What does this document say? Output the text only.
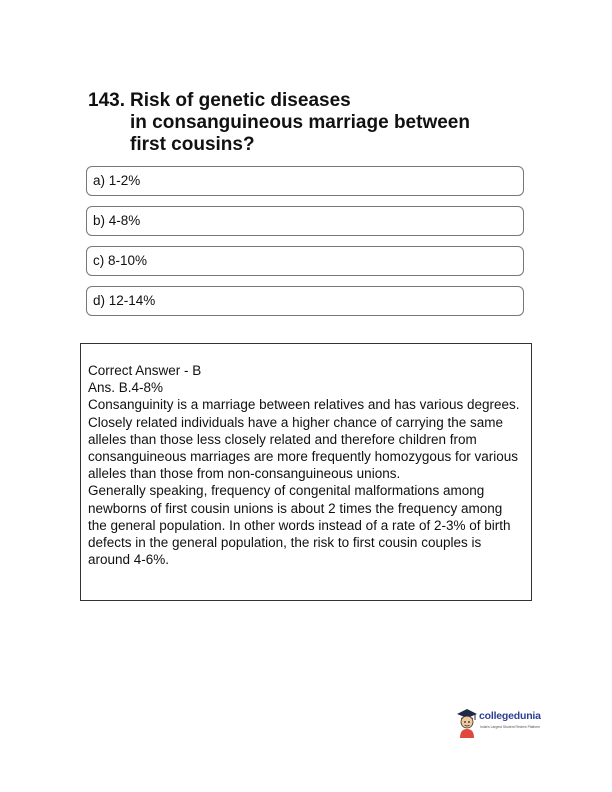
143. Risk of genetic diseases
in consanguineous marriage between
first cousins?
a) 1-2%
b) 4-8%
c) 8-10%
d) 12-14%

Correct Answer - B

Ans. B.4-8%

Consanguinity is a marriage between relatives and has various degrees. Closely related individuals have a higher chance of carrying the same alleles than those less closely related and therefore children from consanguineous marriages are more frequently homozygous for various alleles than those from non-consanguineous unions.

Generally speaking, frequency of congenital malformations among newborns of first cousin unions is about 2 times the frequency among the general population. In other words instead of a rate of 2-3% of birth defects in the general population, the risk to first cousin couples is around 4-6%.

collegedunia
India's Largest Student Review Platform
